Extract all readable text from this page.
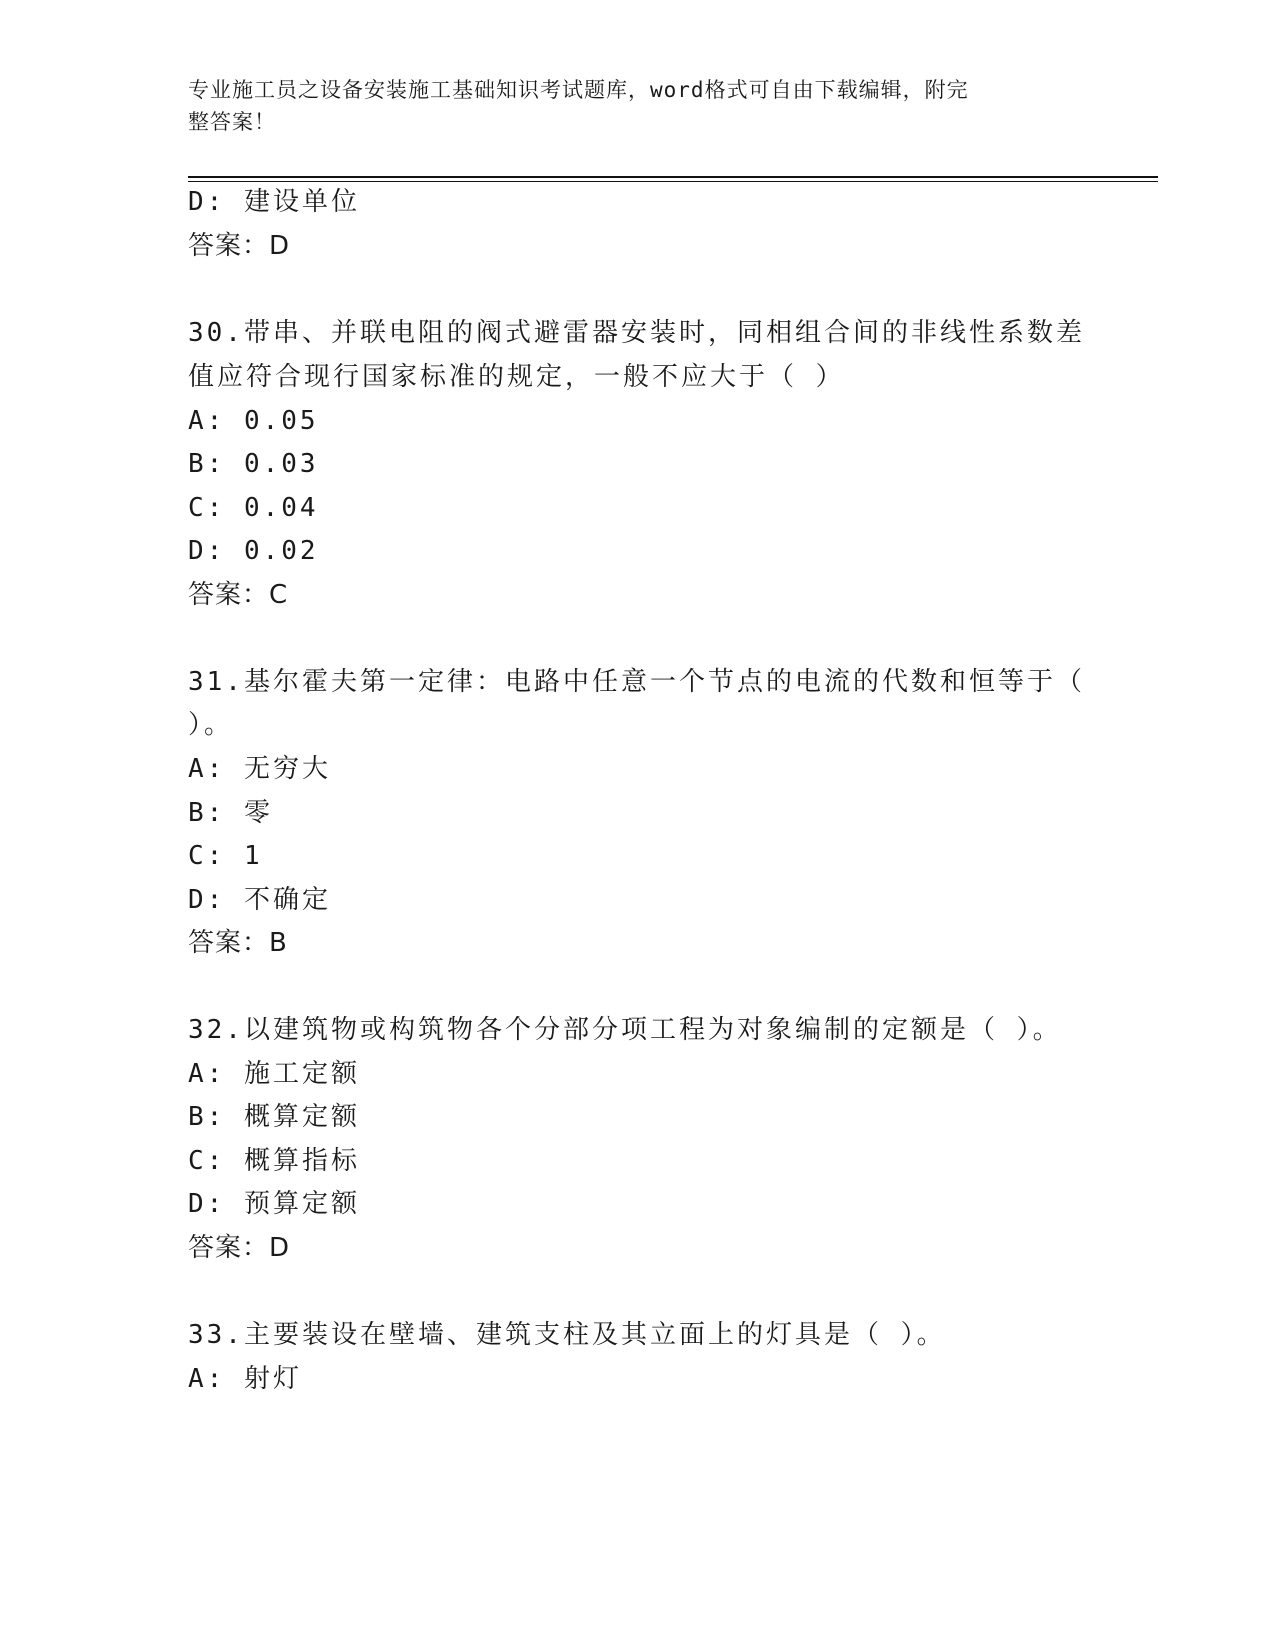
专业施工员之设备安装施工基础知识考试题库，word格式可自由下载编辑，附完
整答案！
D: 建设单位
答案：D
30.带串、并联电阻的阀式避雷器安装时，同相组合间的非线性系数差
值应符合现行国家标准的规定，一般不应大于（ ）
A: 0.05
B: 0.03
C: 0.04
D: 0.02
答案：C
31.基尔霍夫第一定律：电路中任意一个节点的电流的代数和恒等于（
）。
A: 无穷大
B: 零
C: 1
D: 不确定
答案：B
32.以建筑物或构筑物各个分部分项工程为对象编制的定额是（ ）。
A: 施工定额
B: 概算定额
C: 概算指标
D: 预算定额
答案：D
33.主要装设在壁墙、建筑支柱及其立面上的灯具是（ ）。
A: 射灯
